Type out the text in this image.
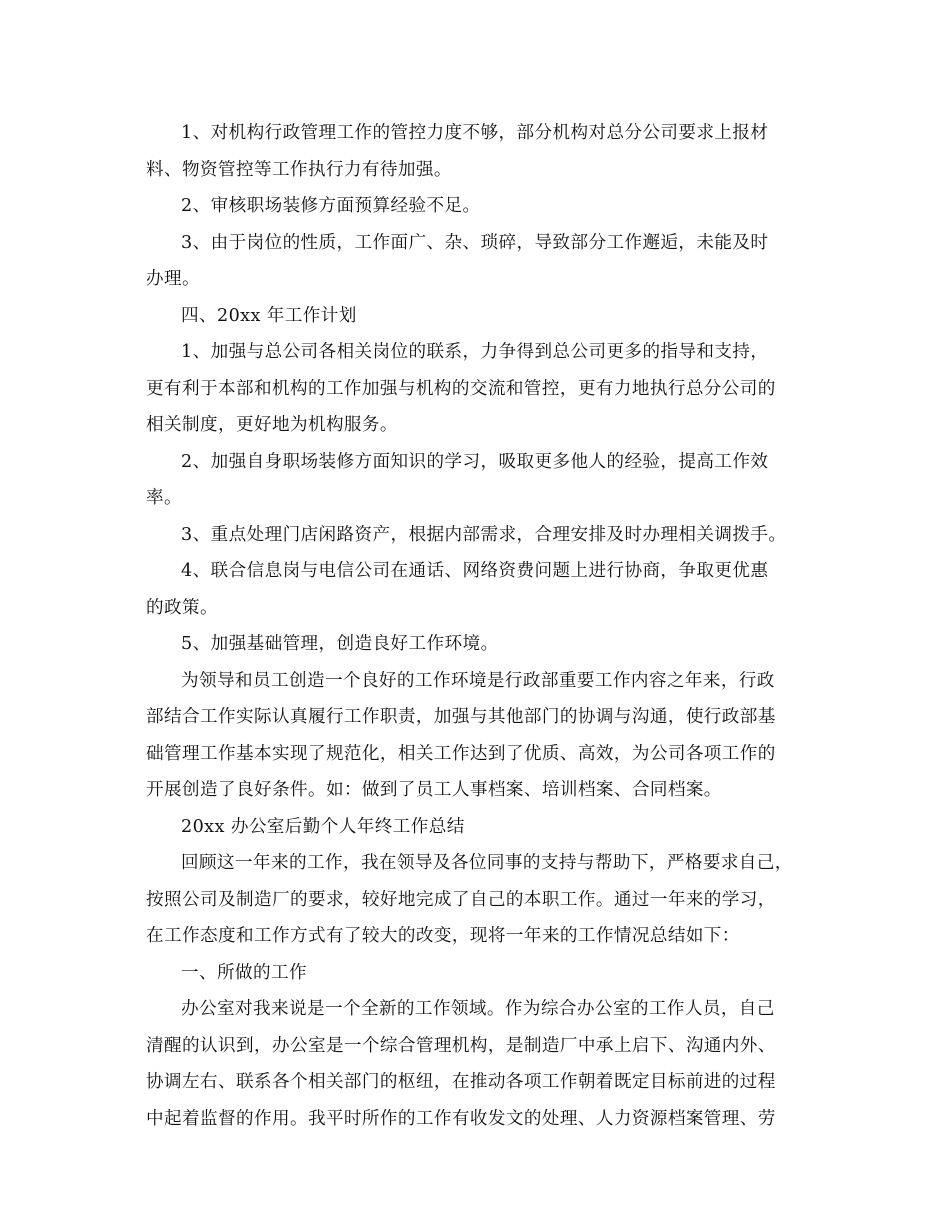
1、对机构行政管理工作的管控力度不够，部分机构对总分公司要求上报材
料、物资管控等工作执行力有待加强。
2、审核职场装修方面预算经验不足。
3、由于岗位的性质，工作面广、杂、琐碎，导致部分工作邂逅，未能及时
办理。
四、20xx 年工作计划
1、加强与总公司各相关岗位的联系，力争得到总公司更多的指导和支持，
更有利于本部和机构的工作加强与机构的交流和管控，更有力地执行总分公司的
相关制度，更好地为机构服务。
2、加强自身职场装修方面知识的学习，吸取更多他人的经验，提高工作效
率。
3、重点处理门店闲路资产，根据内部需求，合理安排及时办理相关调拨手。
4、联合信息岗与电信公司在通话、网络资费问题上进行协商，争取更优惠
的政策。
5、加强基础管理，创造良好工作环境。
为领导和员工创造一个良好的工作环境是行政部重要工作内容之年来，行政
部结合工作实际认真履行工作职责，加强与其他部门的协调与沟通，使行政部基
础管理工作基本实现了规范化，相关工作达到了优质、高效，为公司各项工作的
开展创造了良好条件。如：做到了员工人事档案、培训档案、合同档案。
20xx 办公室后勤个人年终工作总结
回顾这一年来的工作，我在领导及各位同事的支持与帮助下，严格要求自己，
按照公司及制造厂的要求，较好地完成了自己的本职工作。通过一年来的学习，
在工作态度和工作方式有了较大的改变，现将一年来的工作情况总结如下：
一、所做的工作
办公室对我来说是一个全新的工作领域。作为综合办公室的工作人员，自己
清醒的认识到，办公室是一个综合管理机构，是制造厂中承上启下、沟通内外、
协调左右、联系各个相关部门的枢纽，在推动各项工作朝着既定目标前进的过程
中起着监督的作用。我平时所作的工作有收发文的处理、人力资源档案管理、劳
